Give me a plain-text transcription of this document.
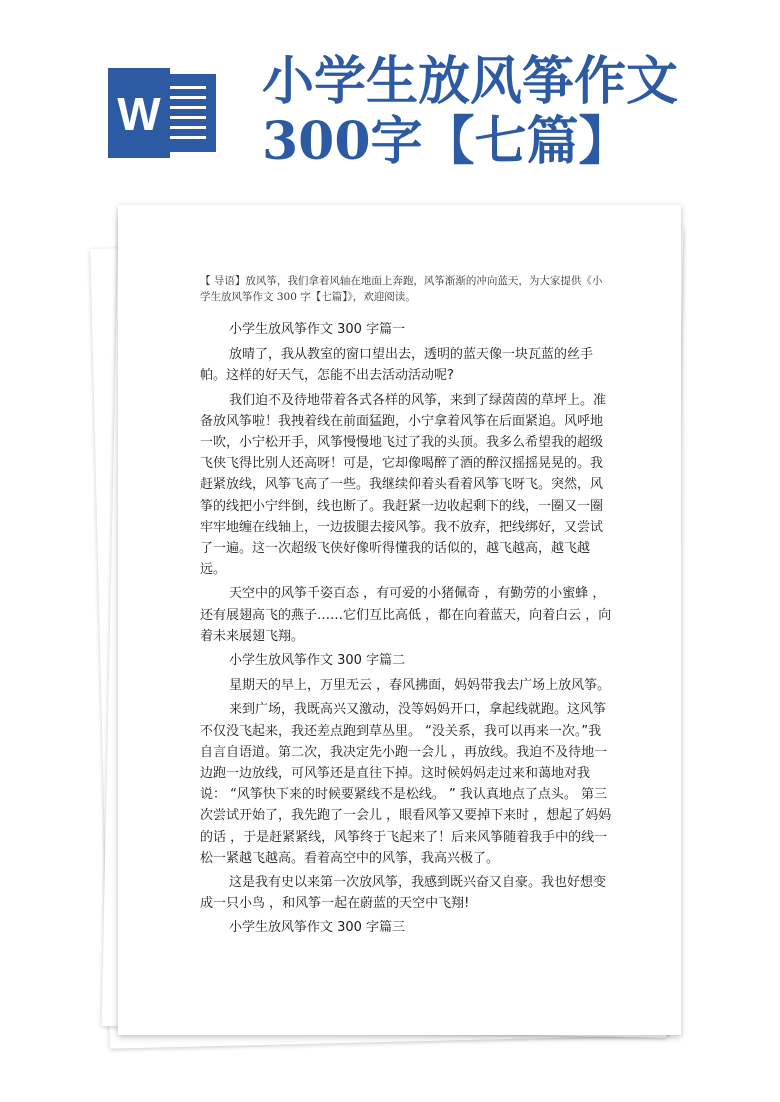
W
小学生放风筝作文
300字【七篇】

【 导语】放风筝，我们拿着风轴在地面上奔跑，风筝渐渐的冲向蓝天，为大家提供《小学生放风筝作文 300 字【七篇】》，欢迎阅读。

小学生放风筝作文 300 字篇一

放晴了，我从教室的窗口望出去，透明的蓝天像一块瓦蓝的丝手帕。这样的好天气，怎能不出去活动活动呢?

我们迫不及待地带着各式各样的风筝，来到了绿茵茵的草坪上。准备放风筝啦！我拽着线在前面猛跑，小宁拿着风筝在后面紧追。风呼地一吹，小宁松开手，风筝慢慢地飞过了我的头顶。我多么希望我的超级飞侠飞得比别人还高呀！可是，它却像喝醉了酒的醉汉摇摇晃晃的。我赶紧放线，风筝飞高了一些。我继续仰着头看着风筝飞呀飞。突然，风筝的线把小宁绊倒，线也断了。我赶紧一边收起剩下的线，一圈又一圈牢牢地缠在线轴上，一边拔腿去接风筝。我不放弃，把线绑好，又尝试了一遍。这一次超级飞侠好像听得懂我的话似的，越飞越高，越飞越远。

天空中的风筝千姿百态 ，有可爱的小猪佩奇 ，有勤劳的小蜜蜂 ，还有展翅高飞的燕子……它们互比高低 ，都在向着蓝天，向着白云 ，向着未来展翅飞翔。

小学生放风筝作文 300 字篇二

星期天的早上，万里无云 ，春风拂面，妈妈带我去广场上放风筝。

来到广场，我既高兴又激动，没等妈妈开口，拿起线就跑。这风筝不仅没飞起来，我还差点跑到草丛里。 “没关系，我可以再来一次。”我自言自语道。第二次，我决定先小跑一会儿 ，再放线。我迫不及待地一边跑一边放线，可风筝还是直往下掉。这时候妈妈走过来和蔼地对我说： “风筝快下来的时候要紧线不是松线。 ” 我认真地点了点头。 第三次尝试开始了，我先跑了一会儿 ，眼看风筝又要掉下来时 ，想起了妈妈的话 ，于是赶紧紧线，风筝终于飞起来了！后来风筝随着我手中的线一松一紧越飞越高。看着高空中的风筝，我高兴极了。

这是我有史以来第一次放风筝，我感到既兴奋又自豪。我也好想变成一只小鸟 ，和风筝一起在蔚蓝的天空中飞翔!

小学生放风筝作文 300 字篇三
